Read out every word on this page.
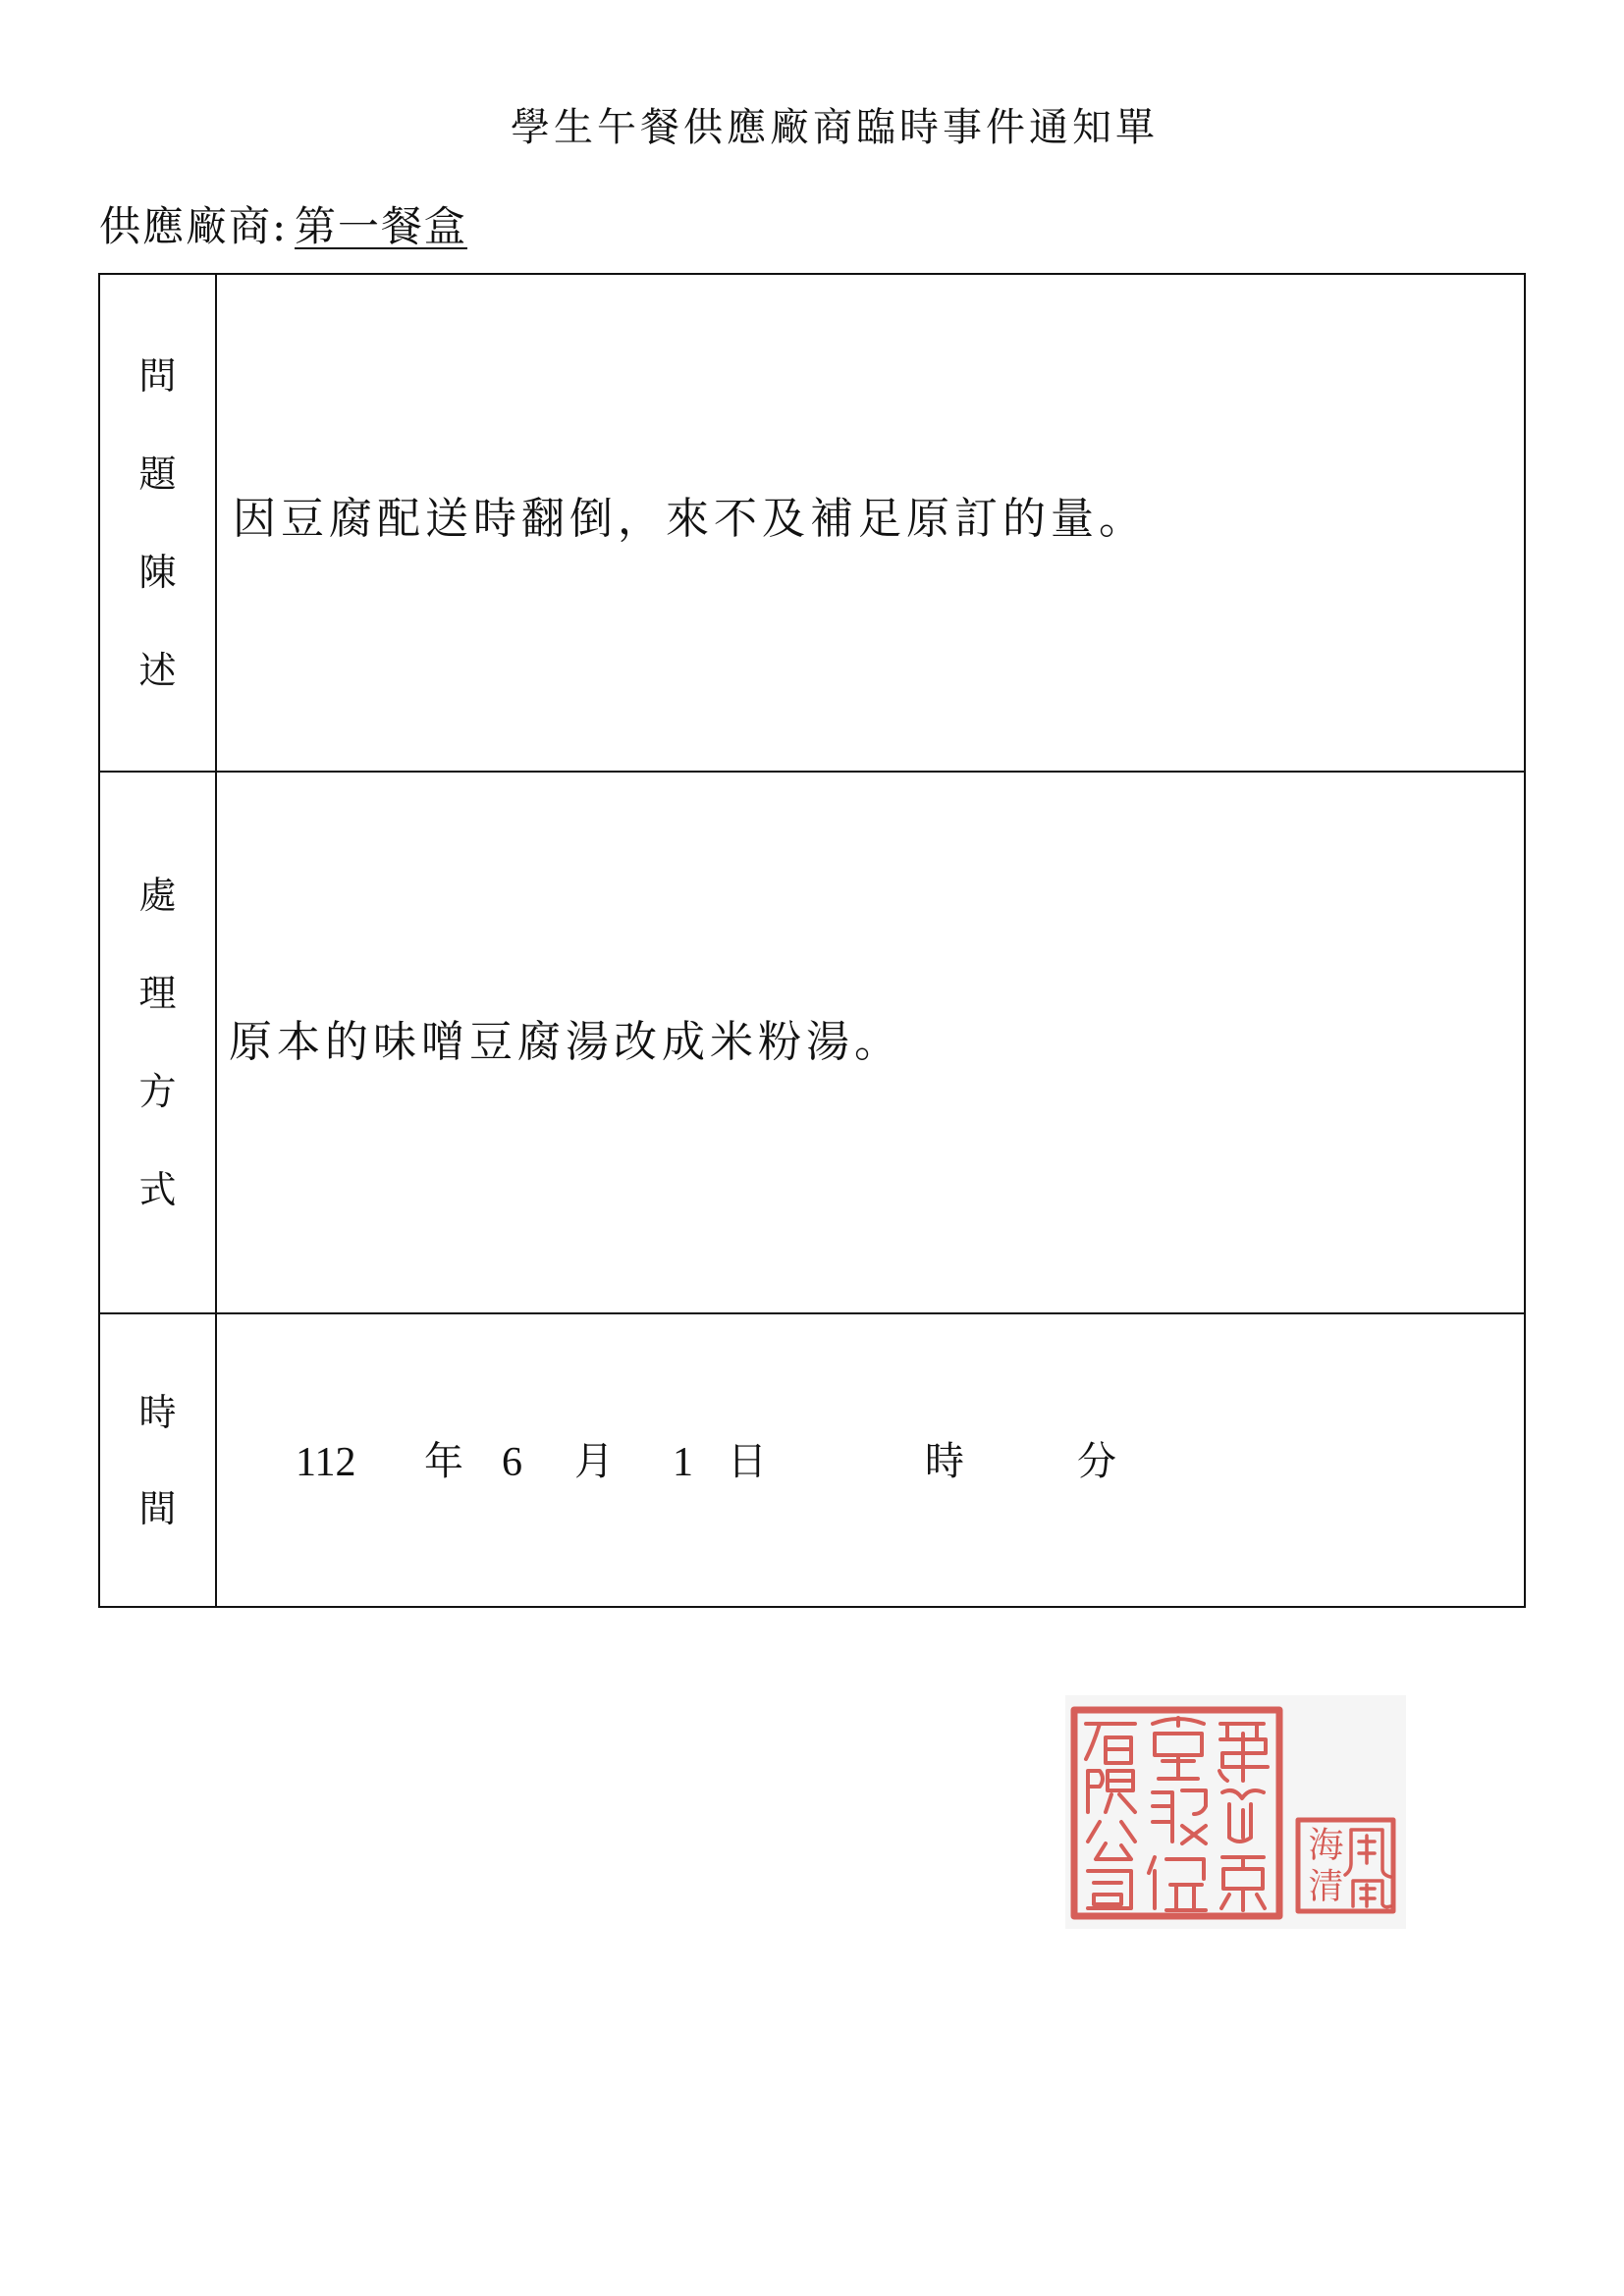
學生午餐供應廠商臨時事件通知單
供應廠商: 第一餐盒
問
題
陳
述
因豆腐配送時翻倒，來不及補足原訂的量。
處
理
方
式
原本的味噌豆腐湯改成米粉湯。
時
間
112 年 6 月 1 日	時	分
海清
